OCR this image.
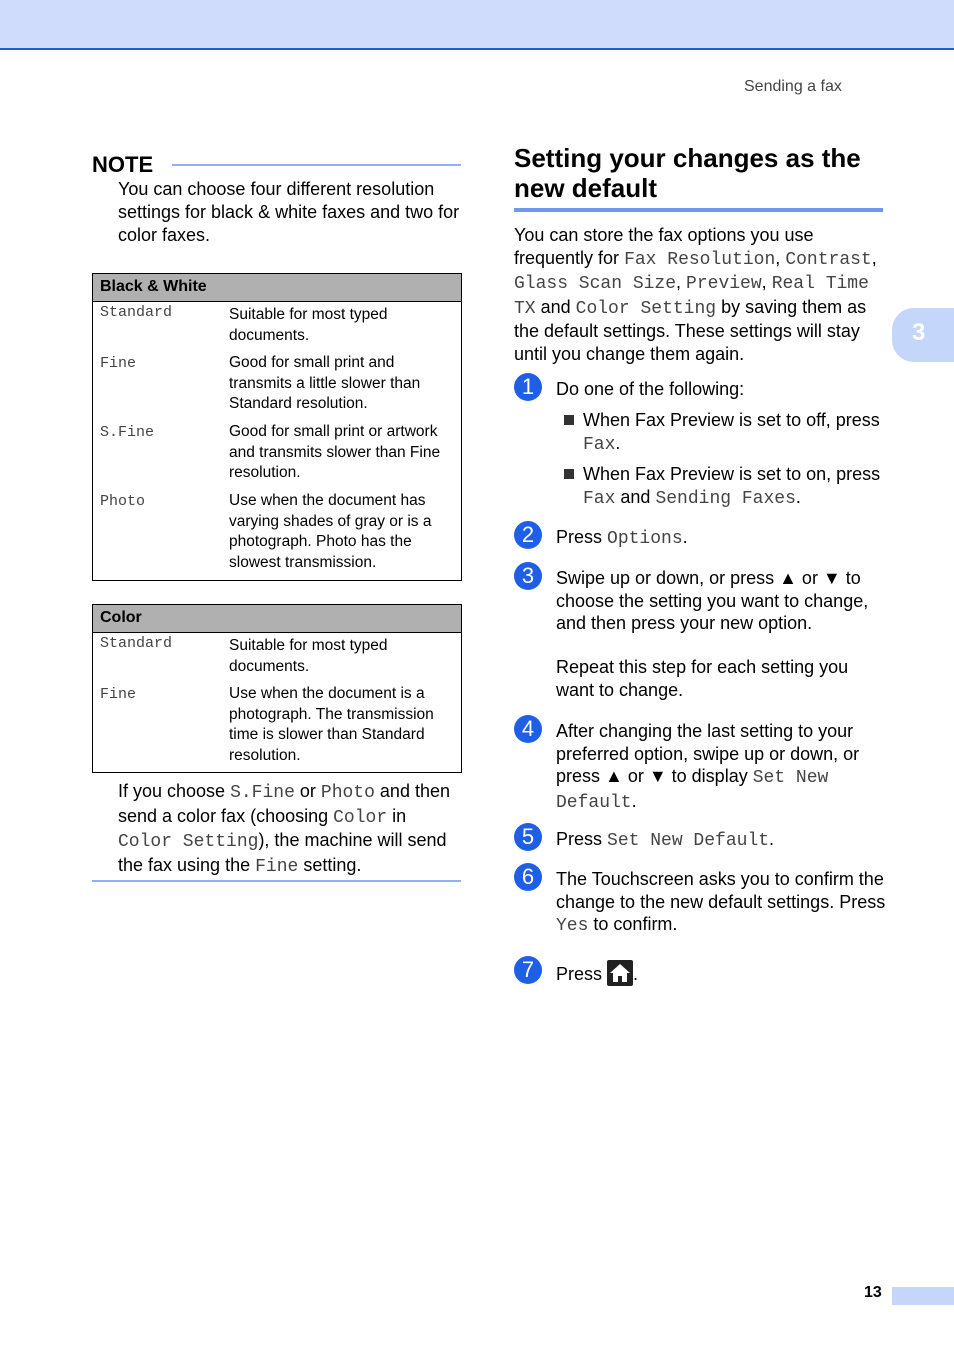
Sending a fax
3
NOTE
You can choose four different resolution settings for black & white faxes and two for color faxes.
Black & White
Standard	Suitable for most typed documents.
Fine	Good for small print and transmits a little slower than Standard resolution.
S.Fine	Good for small print or artwork and transmits slower than Fine resolution.
Photo	Use when the document has varying shades of gray or is a photograph. Photo has the slowest transmission.
Color
Standard	Suitable for most typed documents.
Fine	Use when the document is a photograph. The transmission time is slower than Standard resolution.
If you choose S.Fine or Photo and then send a color fax (choosing Color in Color Setting), the machine will send the fax using the Fine setting.
Setting your changes as the new default
You can store the fax options you use frequently for Fax Resolution, Contrast, Glass Scan Size, Preview, Real Time TX and Color Setting by saving them as the default settings. These settings will stay until you change them again.
1	Do one of the following:
When Fax Preview is set to off, press Fax.
When Fax Preview is set to on, press Fax and Sending Faxes.
2	Press Options.
3	Swipe up or down, or press ▲ or ▼ to choose the setting you want to change, and then press your new option.
Repeat this step for each setting you want to change.
4	After changing the last setting to your preferred option, swipe up or down, or press ▲ or ▼ to display Set New Default.
5	Press Set New Default.
6	The Touchscreen asks you to confirm the change to the new default settings. Press Yes to confirm.
7	Press
.
13
